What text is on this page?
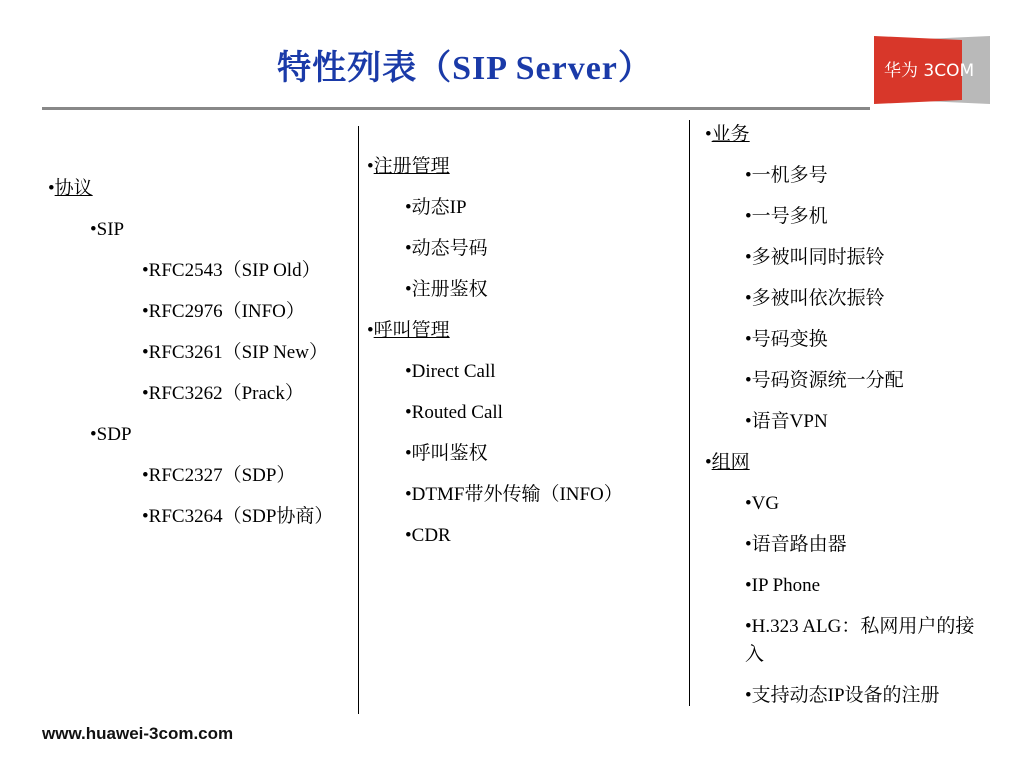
特性列表（SIP Server）	华为 3COM
•协议
•SIP
•RFC2543（SIP Old）
•RFC2976（INFO）
•RFC3261（SIP New）
•RFC3262（Prack）
•SDP
•RFC2327（SDP）
•RFC3264（SDP协商）
•注册管理
•动态IP
•动态号码
•注册鉴权
•呼叫管理
•Direct Call
•Routed Call
•呼叫鉴权
•DTMF带外传输（INFO）
•CDR
•业务
•一机多号
•一号多机
•多被叫同时振铃
•多被叫依次振铃
•号码变换
•号码资源统一分配
•语音VPN
•组网
•VG
•语音路由器
•IP Phone
•H.323 ALG：私网用户的接
入
•支持动态IP设备的注册
www.huawei-3com.com
